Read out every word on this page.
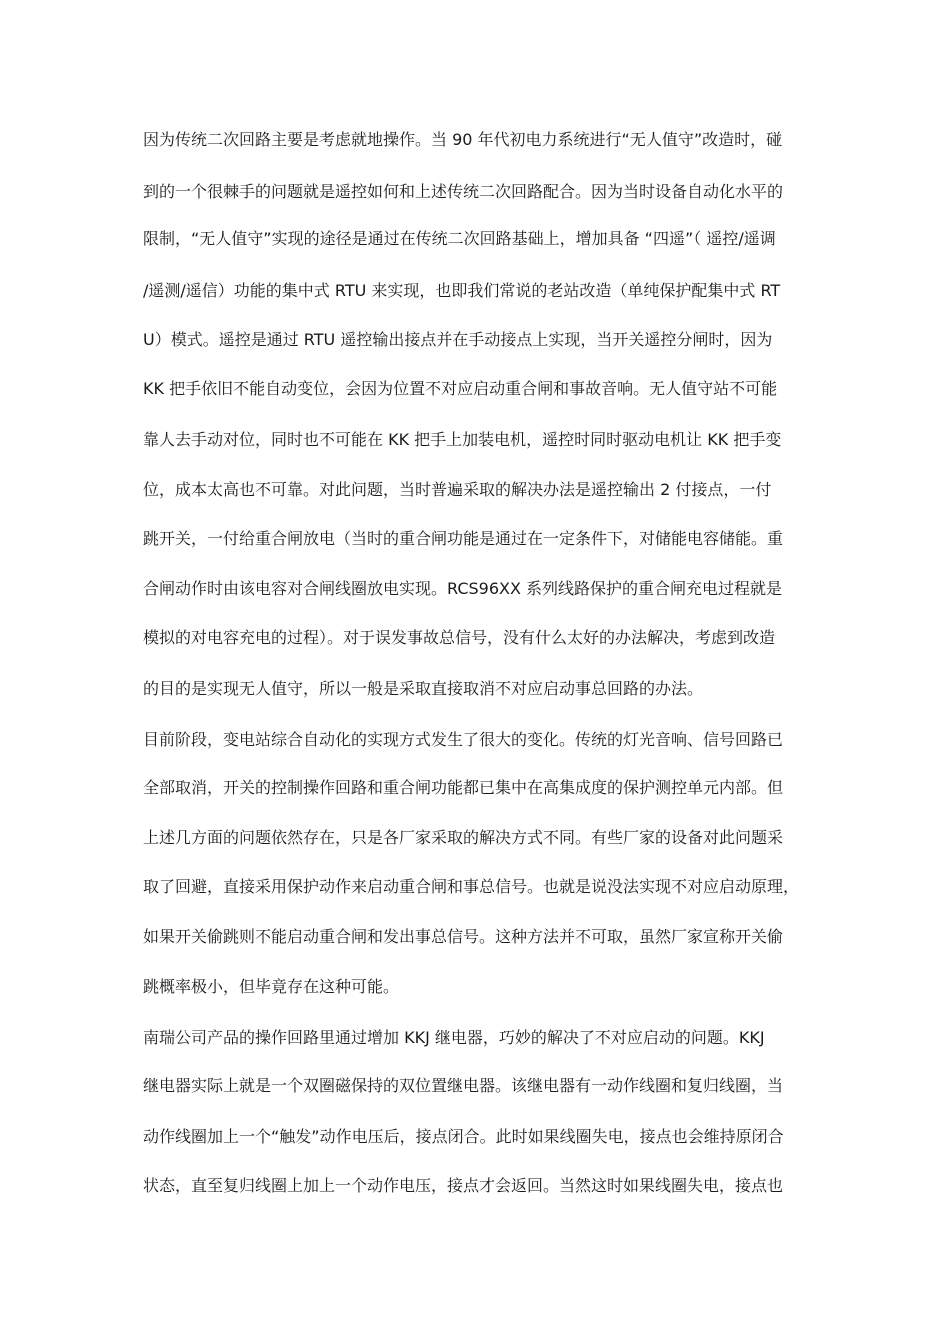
因为传统二次回路主要是考虑就地操作。当 90 年代初电力系统进行“无人值守”改造时，碰
到的一个很棘手的问题就是遥控如何和上述传统二次回路配合。因为当时设备自动化水平的
限制，“无人值守”实现的途径是通过在传统二次回路基础上，增加具备 “四遥”（ 遥控/遥调
/遥测/遥信）功能的集中式 RTU 来实现，也即我们常说的老站改造（单纯保护配集中式 RT
U）模式。遥控是通过 RTU 遥控输出接点并在手动接点上实现，当开关遥控分闸时，因为
KK 把手依旧不能自动变位，会因为位置不对应启动重合闸和事故音响。无人值守站不可能
靠人去手动对位，同时也不可能在 KK 把手上加装电机，遥控时同时驱动电机让 KK 把手变
位，成本太高也不可靠。对此问题，当时普遍采取的解决办法是遥控输出 2 付接点，一付
跳开关，一付给重合闸放电（当时的重合闸功能是通过在一定条件下，对储能电容储能。重
合闸动作时由该电容对合闸线圈放电实现。RCS96XX 系列线路保护的重合闸充电过程就是
模拟的对电容充电的过程）。对于误发事故总信号，没有什么太好的办法解决，考虑到改造
的目的是实现无人值守，所以一般是采取直接取消不对应启动事总回路的办法。
目前阶段，变电站综合自动化的实现方式发生了很大的变化。传统的灯光音响、信号回路已
全部取消，开关的控制操作回路和重合闸功能都已集中在高集成度的保护测控单元内部。但
上述几方面的问题依然存在，只是各厂家采取的解决方式不同。有些厂家的设备对此问题采
取了回避，直接采用保护动作来启动重合闸和事总信号。也就是说没法实现不对应启动原理，
如果开关偷跳则不能启动重合闸和发出事总信号。这种方法并不可取，虽然厂家宣称开关偷
跳概率极小，但毕竟存在这种可能。
南瑞公司产品的操作回路里通过增加 KKJ 继电器，巧妙的解决了不对应启动的问题。KKJ
继电器实际上就是一个双圈磁保持的双位置继电器。该继电器有一动作线圈和复归线圈，当
动作线圈加上一个“触发”动作电压后，接点闭合。此时如果线圈失电，接点也会维持原闭合
状态，直至复归线圈上加上一个动作电压，接点才会返回。当然这时如果线圈失电，接点也
